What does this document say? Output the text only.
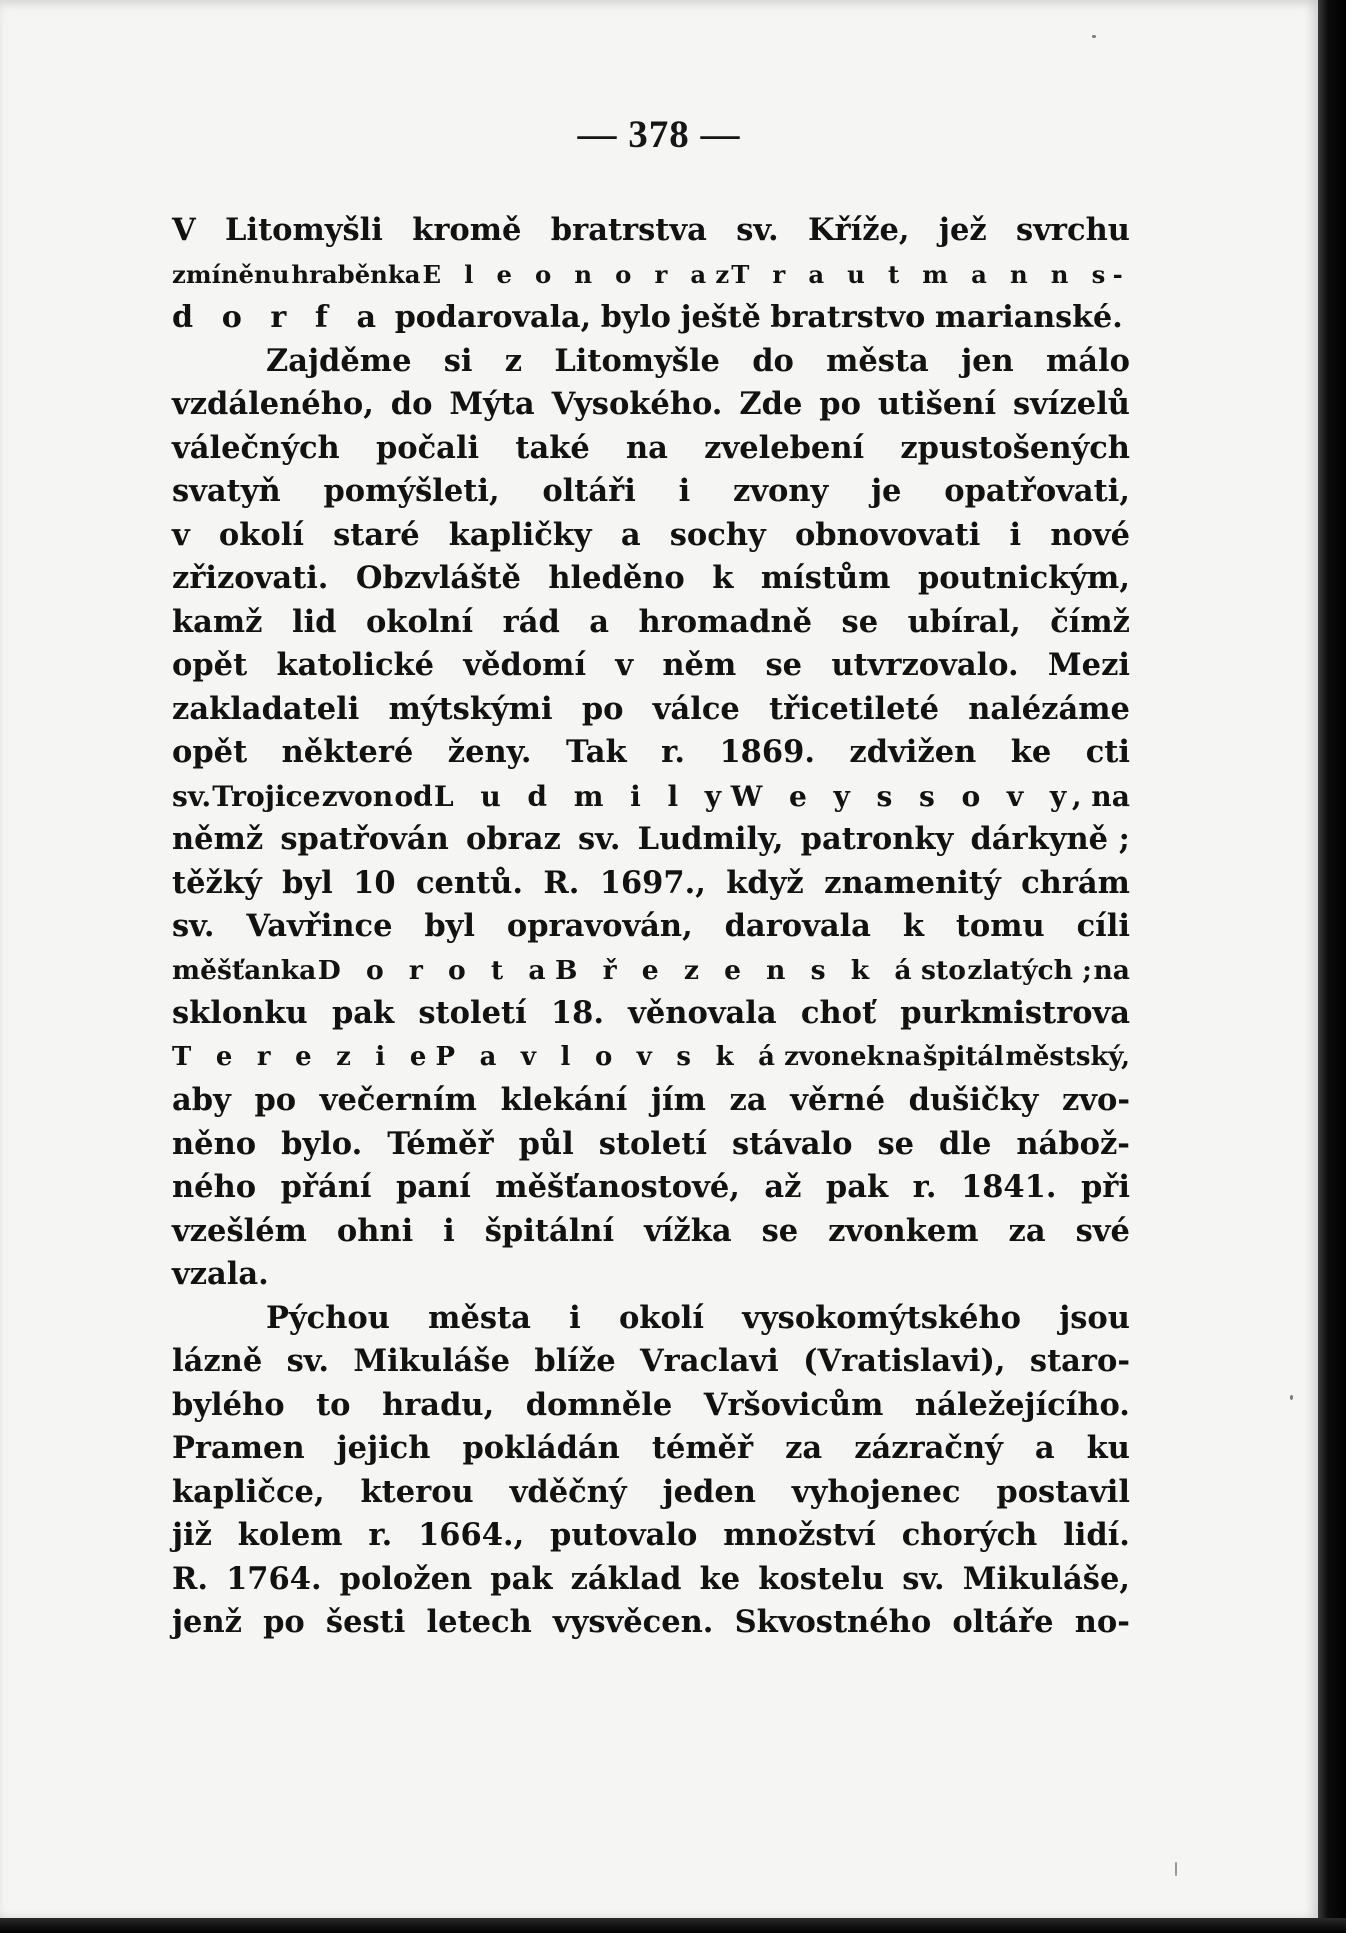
— 378 —
V Litomyšli kromě bratrstva sv. Kříže, jež svrchu
zmíněnu hraběnka E l e o n o r a z T r a u t m a n n s-
d o r f a podarovala, bylo ještě bratrstvo marianské.
Zajděme si z Litomyšle do města jen málo
vzdáleného, do Mýta Vysokého. Zde po utišení svízelů
válečných počali také na zvelebení zpustošených
svatyň pomýšleti, oltáři i zvony je opatřovati,
v okolí staré kapličky a sochy obnovovati i nové
zřizovati. Obzvláště hleděno k místům poutnickým,
kamž lid okolní rád a hromadně se ubíral, čímž
opět katolické vědomí v něm se utvrzovalo. Mezi
zakladateli mýtskými po válce třicetileté nalézáme
opět některé ženy. Tak r. 1869. zdvižen ke cti
sv. Trojice zvon od L u d m i l y W e y s s o v y, na
němž spatřován obraz sv. Ludmily, patronky dárkyně ;
těžký byl 10 centů. R. 1697., když znamenitý chrám
sv. Vavřince byl opravován, darovala k tomu cíli
měšťanka D o r o t a B ř e z e n s k á sto zlatých ; na
sklonku pak století 18. věnovala choť purkmistrova
T e r e z i e P a v l o v s k á zvonek na špitál městský,
aby po večerním klekání jím za věrné dušičky zvo-
něno bylo. Téměř půl století stávalo se dle nábož-
ného přání paní měšťanostové, až pak r. 1841. při
vzešlém ohni i špitální vížka se zvonkem za své
vzala.
Pýchou města i okolí vysokomýtského jsou
lázně sv. Mikuláše blíže Vraclavi (Vratislavi), staro-
bylého to hradu, domněle Vršovicům náležejícího.
Pramen jejich pokládán téměř za zázračný a ku
kapličce, kterou vděčný jeden vyhojenec postavil
již kolem r. 1664., putovalo množství chorých lidí.
R. 1764. položen pak základ ke kostelu sv. Mikuláše,
jenž po šesti letech vysvěcen. Skvostného oltáře no-
